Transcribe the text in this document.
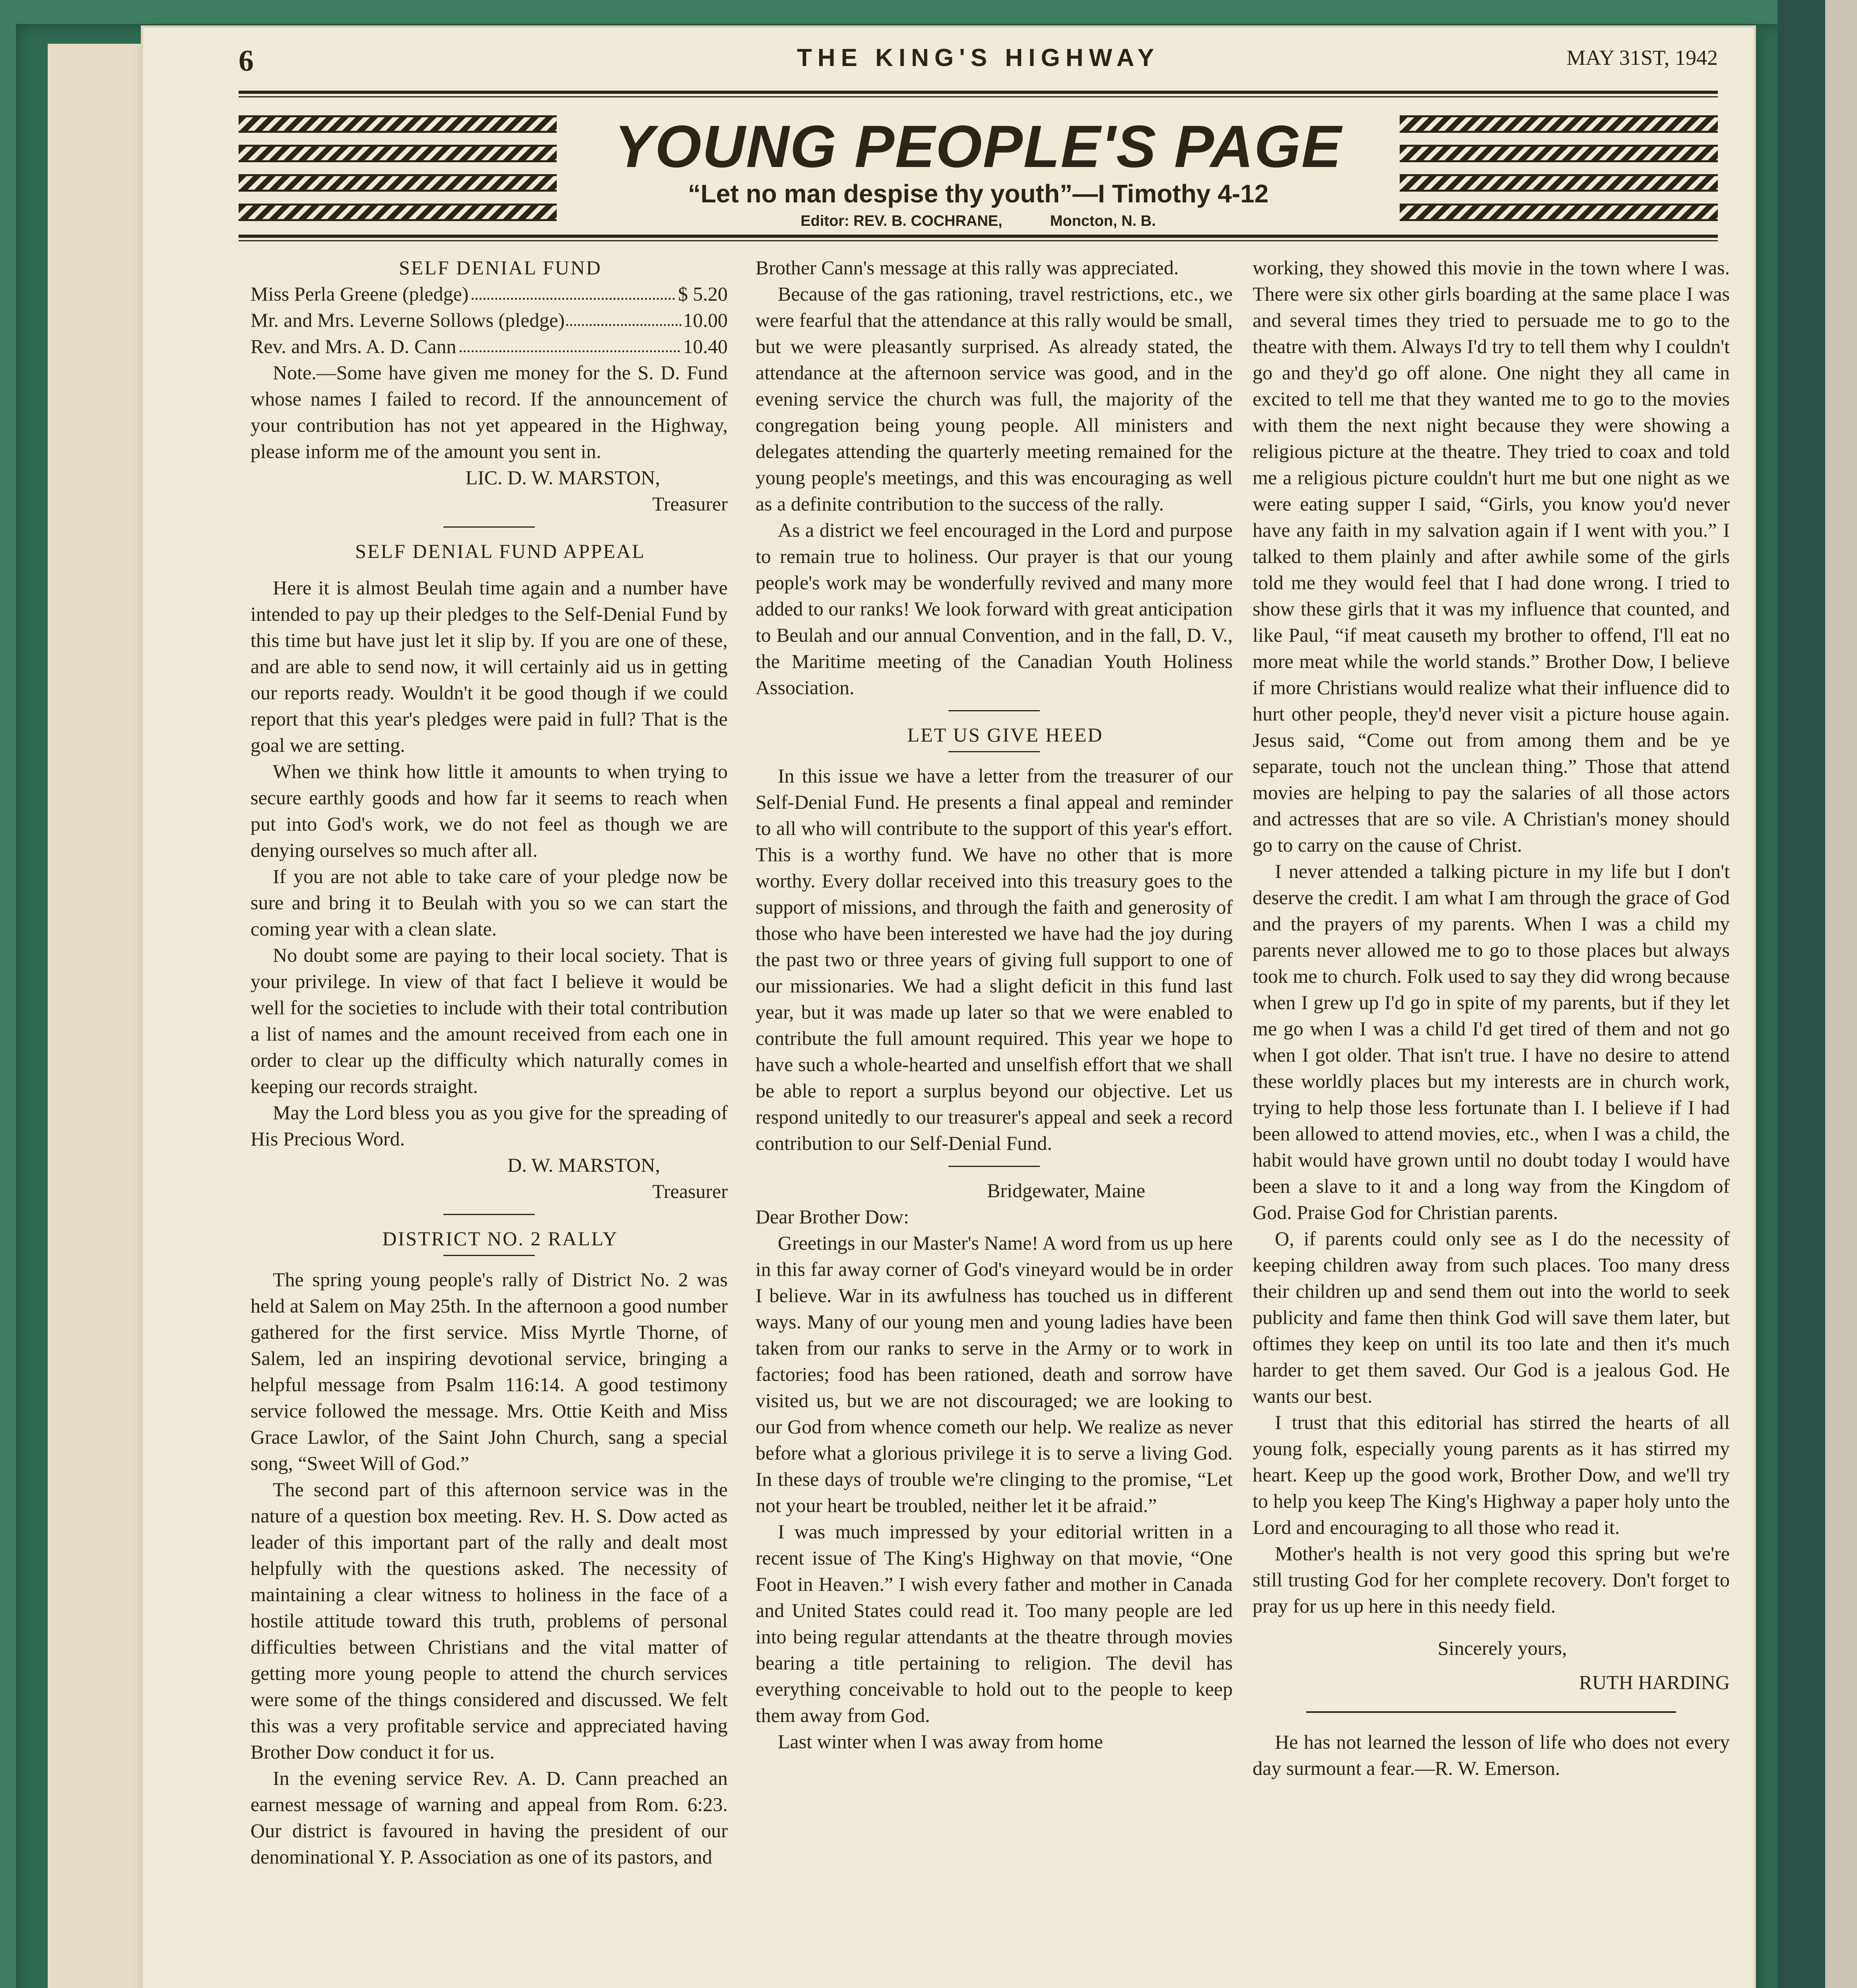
6	THE KING'S HIGHWAY	MAY 31ST, 1942
YOUNG PEOPLE'S PAGE
“Let no man despise thy youth”—I Timothy 4-12
Editor: REV. B. COCHRANE,	Moncton, N. B.

SELF DENIAL FUND

Miss Perla Greene (pledge)	$ 5.20
Mr. and Mrs. Leverne Sollows (pledge)	10.00
Rev. and Mrs. A. D. Cann	10.40

Note.—Some have given me money for the S. D. Fund whose names I failed to record. If the announcement of your contribution has not yet appeared in the Highway, please inform me of the amount you sent in.

LIC. D. W. MARSTON,

Treasurer

SELF DENIAL FUND APPEAL

Here it is almost Beulah time again and a number have intended to pay up their pledges to the Self-Denial Fund by this time but have just let it slip by. If you are one of these, and are able to send now, it will certainly aid us in getting our reports ready. Wouldn't it be good though if we could report that this year's pledges were paid in full? That is the goal we are setting.

When we think how little it amounts to when trying to secure earthly goods and how far it seems to reach when put into God's work, we do not feel as though we are denying ourselves so much after all.

If you are not able to take care of your pledge now be sure and bring it to Beulah with you so we can start the coming year with a clean slate.

No doubt some are paying to their local society. That is your privilege. In view of that fact I believe it would be well for the societies to include with their total contribution a list of names and the amount received from each one in order to clear up the difficulty which naturally comes in keeping our records straight.

May the Lord bless you as you give for the spreading of His Precious Word.

D. W. MARSTON,

Treasurer

DISTRICT NO. 2 RALLY

The spring young people's rally of District No. 2 was held at Salem on May 25th. In the afternoon a good number gathered for the first service. Miss Myrtle Thorne, of Salem, led an inspiring devotional service, bringing a helpful message from Psalm 116:14. A good testimony service followed the message. Mrs. Ottie Keith and Miss Grace Lawlor, of the Saint John Church, sang a special song, “Sweet Will of God.”

The second part of this afternoon service was in the nature of a question box meeting. Rev. H. S. Dow acted as leader of this important part of the rally and dealt most helpfully with the questions asked. The necessity of maintaining a clear witness to holiness in the face of a hostile attitude toward this truth, problems of personal difficulties between Christians and the vital matter of getting more young people to attend the church services were some of the things considered and discussed. We felt this was a very profitable service and appreciated having Brother Dow conduct it for us.

In the evening service Rev. A. D. Cann preached an earnest message of warning and appeal from Rom. 6:23. Our district is favoured in having the president of our denominational Y. P. Association as one of its pastors, and

Brother Cann's message at this rally was appreciated.

Because of the gas rationing, travel restrictions, etc., we were fearful that the attendance at this rally would be small, but we were pleasantly surprised. As already stated, the attendance at the afternoon service was good, and in the evening service the church was full, the majority of the congregation being young people. All ministers and delegates attending the quarterly meeting remained for the young people's meetings, and this was encouraging as well as a definite contribution to the success of the rally.

As a district we feel encouraged in the Lord and purpose to remain true to holiness. Our prayer is that our young people's work may be wonderfully revived and many more added to our ranks! We look forward with great anticipation to Beulah and our annual Convention, and in the fall, D. V., the Maritime meeting of the Canadian Youth Holiness Association.

LET US GIVE HEED

In this issue we have a letter from the treasurer of our Self-Denial Fund. He presents a final appeal and reminder to all who will contribute to the support of this year's effort. This is a worthy fund. We have no other that is more worthy. Every dollar received into this treasury goes to the support of missions, and through the faith and generosity of those who have been interested we have had the joy during the past two or three years of giving full support to one of our missionaries. We had a slight deficit in this fund last year, but it was made up later so that we were enabled to contribute the full amount required. This year we hope to have such a whole-hearted and unselfish effort that we shall be able to report a surplus beyond our objective. Let us respond unitedly to our treasurer's appeal and seek a record contribution to our Self-Denial Fund.

Bridgewater, Maine

Dear Brother Dow:

Greetings in our Master's Name! A word from us up here in this far away corner of God's vineyard would be in order I believe. War in its awfulness has touched us in different ways. Many of our young men and young ladies have been taken from our ranks to serve in the Army or to work in factories; food has been rationed, death and sorrow have visited us, but we are not discouraged; we are looking to our God from whence cometh our help. We realize as never before what a glorious privilege it is to serve a living God. In these days of trouble we're clinging to the promise, “Let not your heart be troubled, neither let it be afraid.”

I was much impressed by your editorial written in a recent issue of The King's Highway on that movie, “One Foot in Heaven.” I wish every father and mother in Canada and United States could read it. Too many people are led into being regular attendants at the theatre through movies bearing a title pertaining to religion. The devil has everything conceivable to hold out to the people to keep them away from God.

Last winter when I was away from home

working, they showed this movie in the town where I was. There were six other girls boarding at the same place I was and several times they tried to persuade me to go to the theatre with them. Always I'd try to tell them why I couldn't go and they'd go off alone. One night they all came in excited to tell me that they wanted me to go to the movies with them the next night because they were showing a religious picture at the theatre. They tried to coax and told me a religious picture couldn't hurt me but one night as we were eating supper I said, “Girls, you know you'd never have any faith in my salvation again if I went with you.” I talked to them plainly and after awhile some of the girls told me they would feel that I had done wrong. I tried to show these girls that it was my influence that counted, and like Paul, “if meat causeth my brother to offend, I'll eat no more meat while the world stands.” Brother Dow, I believe if more Christians would realize what their influence did to hurt other people, they'd never visit a picture house again. Jesus said, “Come out from among them and be ye separate, touch not the unclean thing.” Those that attend movies are helping to pay the salaries of all those actors and actresses that are so vile. A Christian's money should go to carry on the cause of Christ.

I never attended a talking picture in my life but I don't deserve the credit. I am what I am through the grace of God and the prayers of my parents. When I was a child my parents never allowed me to go to those places but always took me to church. Folk used to say they did wrong because when I grew up I'd go in spite of my parents, but if they let me go when I was a child I'd get tired of them and not go when I got older. That isn't true. I have no desire to attend these worldly places but my interests are in church work, trying to help those less fortunate than I. I believe if I had been allowed to attend movies, etc., when I was a child, the habit would have grown until no doubt today I would have been a slave to it and a long way from the Kingdom of God. Praise God for Christian parents.

O, if parents could only see as I do the necessity of keeping children away from such places. Too many dress their children up and send them out into the world to seek publicity and fame then think God will save them later, but oftimes they keep on until its too late and then it's much harder to get them saved. Our God is a jealous God. He wants our best.

I trust that this editorial has stirred the hearts of all young folk, especially young parents as it has stirred my heart. Keep up the good work, Brother Dow, and we'll try to help you keep The King's Highway a paper holy unto the Lord and encouraging to all those who read it.

Mother's health is not very good this spring but we're still trusting God for her complete recovery. Don't forget to pray for us up here in this needy field.

Sincerely yours,

RUTH HARDING

He has not learned the lesson of life who does not every day surmount a fear.—R. W. Emerson.
